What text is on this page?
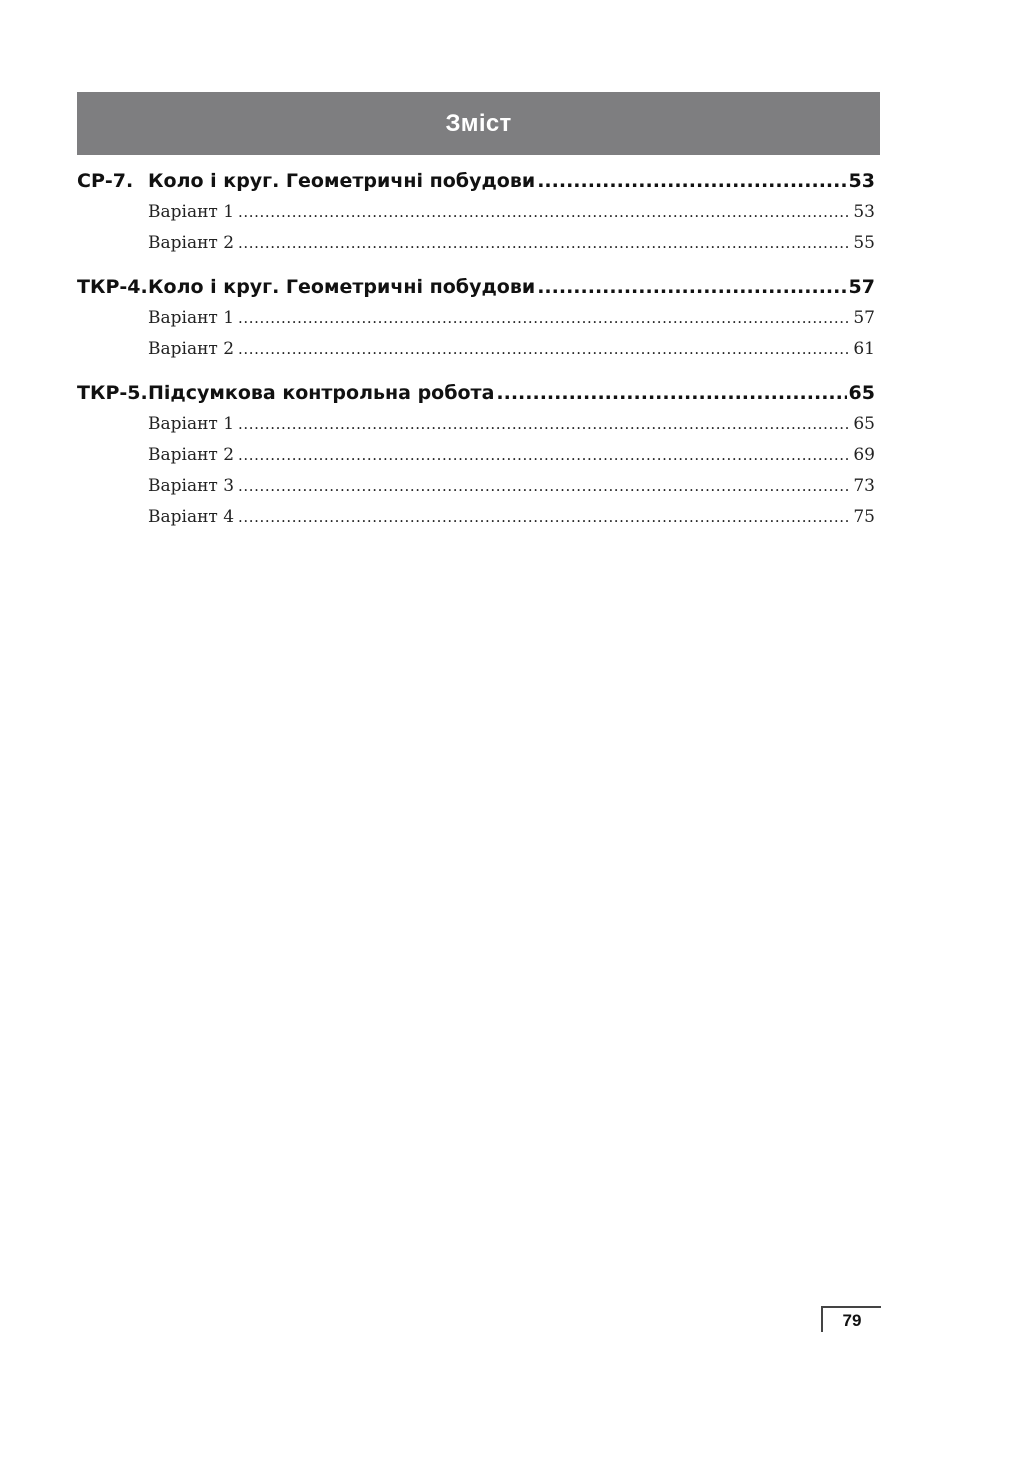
Зміст
СР-7. Коло і круг. Геометричні побудови .....	53
Варіант 1 .....	53
Варіант 2 .....	55
ТКР-4. Коло і круг. Геометричні побудови .....	57
Варіант 1 .....	57
Варіант 2 .....	61
ТКР-5. Підсумкова контрольна робота .....	65
Варіант 1 .....	65
Варіант 2 .....	69
Варіант 3 .....	73
Варіант 4 .....	75
79
